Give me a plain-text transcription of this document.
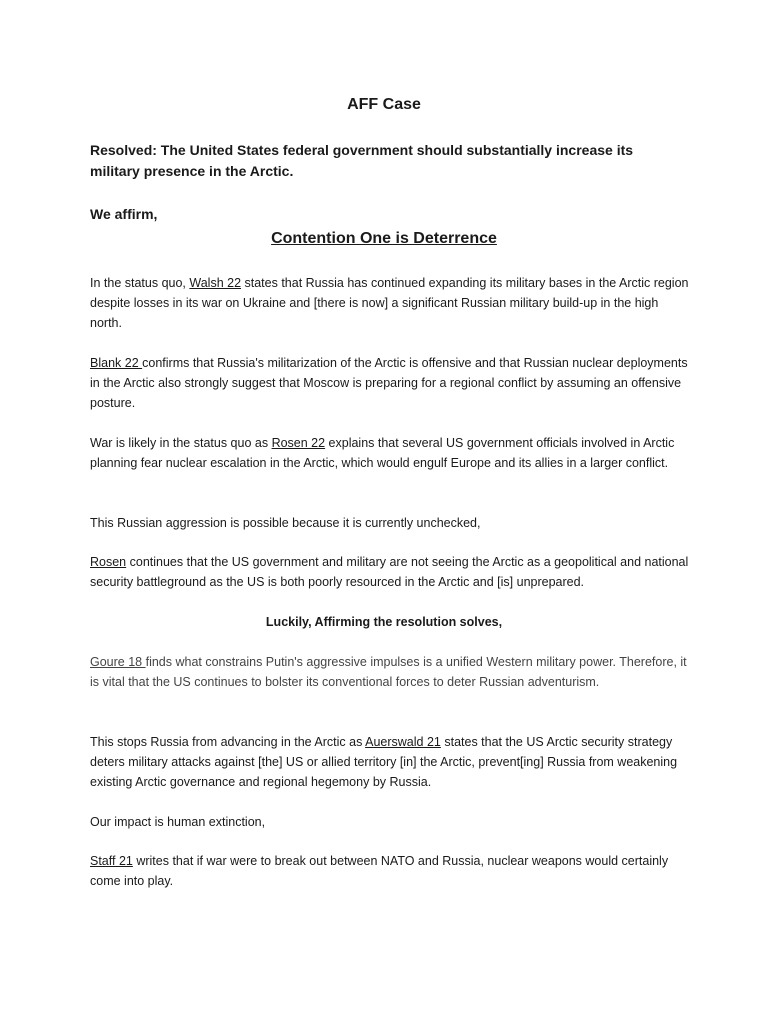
AFF Case

Resolved: The United States federal government should substantially increase its military presence in the Arctic.

We affirm,

Contention One is Deterrence

In the status quo, Walsh 22 states that Russia has continued expanding its military bases in the Arctic region despite losses in its war on Ukraine and [there is now] a significant Russian military build-up in the high north.

Blank 22 confirms that Russia's militarization of the Arctic is offensive and that Russian nuclear deployments in the Arctic also strongly suggest that Moscow is preparing for a regional conflict by assuming an offensive posture.

War is likely in the status quo as Rosen 22 explains that several US government officials involved in Arctic planning fear nuclear escalation in the Arctic, which would engulf Europe and its allies in a larger conflict.

This Russian aggression is possible because it is currently unchecked,

Rosen continues that the US government and military are not seeing the Arctic as a geopolitical and national security battleground as the US is both poorly resourced in the Arctic and [is] unprepared.

Luckily, Affirming the resolution solves,

Goure 18 finds what constrains Putin's aggressive impulses is a unified Western military power. Therefore, it is vital that the US continues to bolster its conventional forces to deter Russian adventurism.

This stops Russia from advancing in the Arctic as Auerswald 21 states that the US Arctic security strategy deters military attacks against [the] US or allied territory [in] the Arctic, prevent[ing] Russia from weakening existing Arctic governance and regional hegemony by Russia.

Our impact is human extinction,

Staff 21 writes that if war were to break out between NATO and Russia, nuclear weapons would certainly come into play.
